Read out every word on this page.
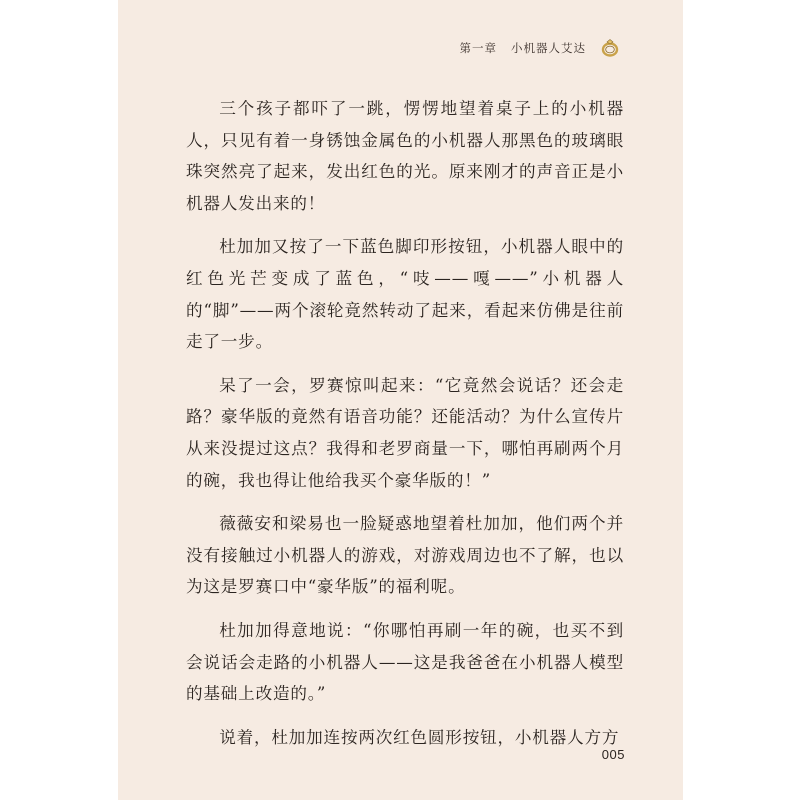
第一章 小机器人艾达

三个孩子都吓了一跳，愣愣地望着桌子上的小机器人，只见有着一身锈蚀金属色的小机器人那黑色的玻璃眼珠突然亮了起来，发出红色的光。原来刚才的声音正是小机器人发出来的！

杜加加又按了一下蓝色脚印形按钮，小机器人眼中的红色光芒变成了蓝色，“吱——嘎——”小机器人的“脚”——两个滚轮竟然转动了起来，看起来仿佛是往前走了一步。

呆了一会，罗赛惊叫起来：“它竟然会说话？还会走路？豪华版的竟然有语音功能？还能活动？为什么宣传片从来没提过这点？我得和老罗商量一下，哪怕再刷两个月的碗，我也得让他给我买个豪华版的！”

薇薇安和梁易也一脸疑惑地望着杜加加，他们两个并没有接触过小机器人的游戏，对游戏周边也不了解，也以为这是罗赛口中“豪华版”的福利呢。

杜加加得意地说：“你哪怕再刷一年的碗，也买不到会说话会走路的小机器人——这是我爸爸在小机器人模型的基础上改造的。”

说着，杜加加连按两次红色圆形按钮，小机器人方方

005
